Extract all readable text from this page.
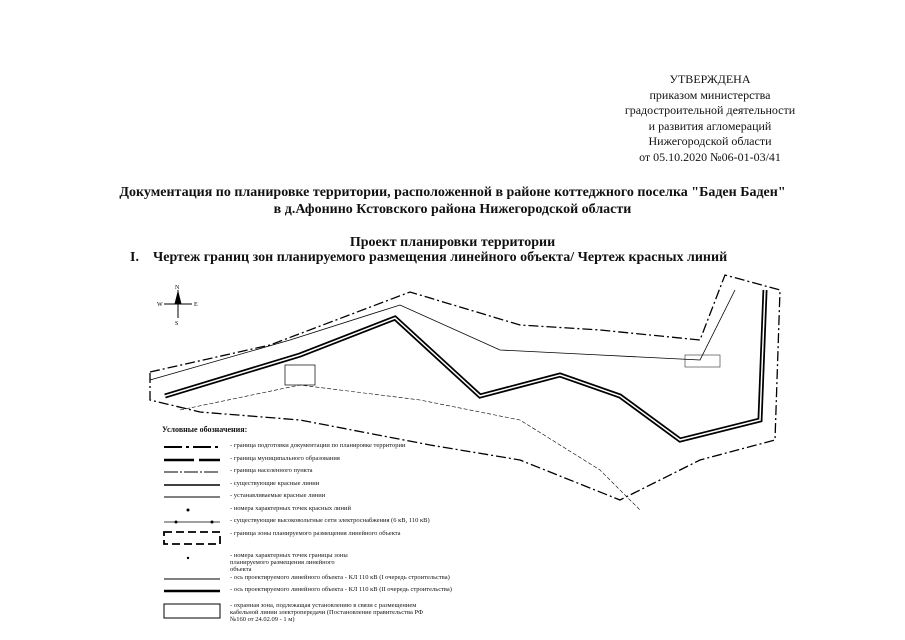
УТВЕРЖДЕНА
приказом министерства
градостроительной деятельности
и развития агломераций
Нижегородской области
от 05.10.2020 №06-01-03/41
Документация по планировке территории, расположенной в районе коттеджного поселка "Баден Баден"
в д.Афонино Кстовского района Нижегородской области
Проект планировки территории
I. Чертеж границ зон планируемого размещения линейного объекта/ Чертеж красных линий
N
S
W	E
Условные обозначения:
- граница подготовки документации по планировке территории
- граница муниципального образования
- граница населенного пункта
- существующие красные линии
- устанавливаемые красные линии
- номера характерных точек красных линий
- существующие высоковольтные сети электроснабжения (6 кВ, 110 кВ)
- граница зоны планируемого размещения линейного объекта
- номера характерных точек границы зоны планируемого размещения линейного объекта
- ось проектируемого линейного объекта - КЛ 110 кВ (I очередь строительства)
- ось проектируемого линейного объекта - КЛ 110 кВ (II очередь строительства)
- охранная зона, подлежащая установлению в связи с размещением кабельной линии электропередачи (Постановление правительства РФ №160 от 24.02.09 - 1 м)
